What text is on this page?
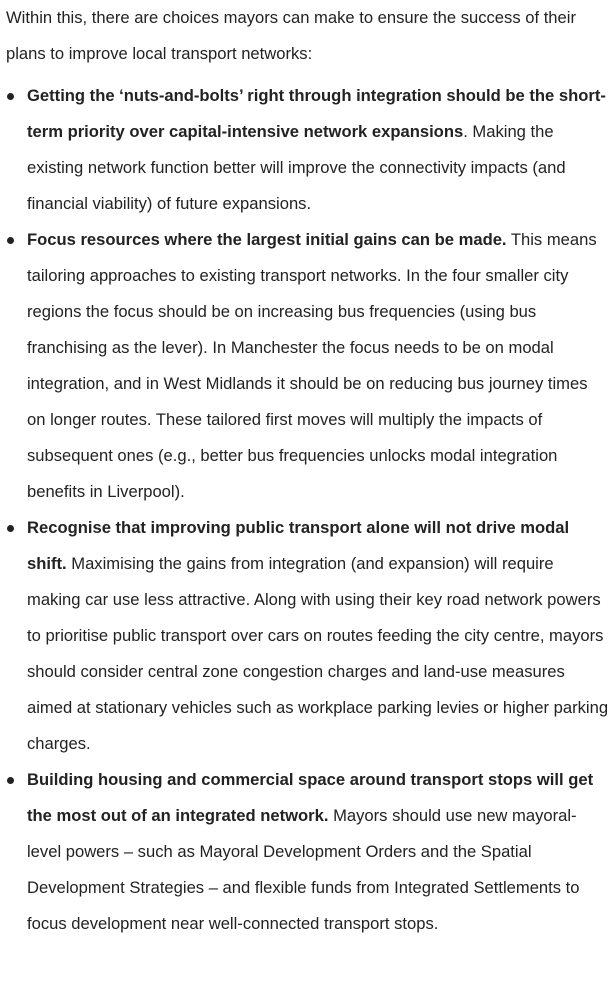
Within this, there are choices mayors can make to ensure the success of their plans to improve local transport networks:

Getting the ‘nuts-and-bolts’ right through integration should be the short-term priority over capital-intensive network expansions. Making the existing network function better will improve the connectivity impacts (and financial viability) of future expansions.
Focus resources where the largest initial gains can be made. This means tailoring approaches to existing transport networks. In the four smaller city regions the focus should be on increasing bus frequencies (using bus franchising as the lever). In Manchester the focus needs to be on modal integration, and in West Midlands it should be on reducing bus journey times on longer routes. These tailored first moves will multiply the impacts of subsequent ones (e.g., better bus frequencies unlocks modal integration benefits in Liverpool).
Recognise that improving public transport alone will not drive modal shift. Maximising the gains from integration (and expansion) will require making car use less attractive. Along with using their key road network powers to prioritise public transport over cars on routes feeding the city centre, mayors should consider central zone congestion charges and land-use measures aimed at stationary vehicles such as workplace parking levies or higher parking charges.
Building housing and commercial space around transport stops will get the most out of an integrated network. Mayors should use new mayoral-level powers – such as Mayoral Development Orders and the Spatial Development Strategies – and flexible funds from Integrated Settlements to focus development near well-connected transport stops.
